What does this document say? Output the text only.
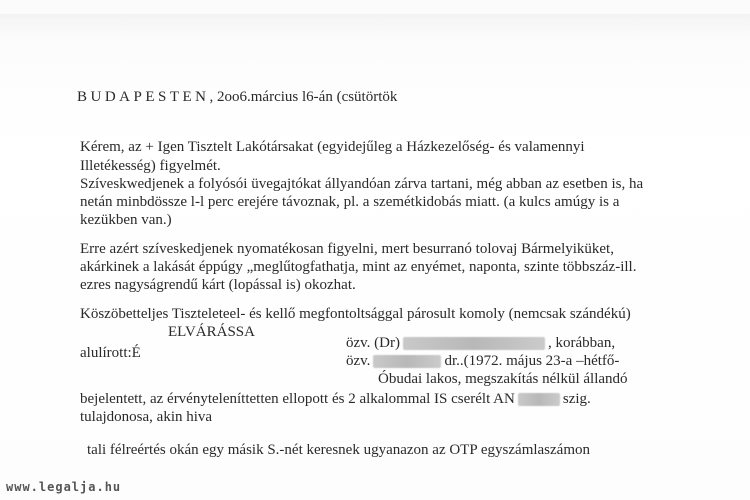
BUDAPESTEN, 2oo6.március l6-án (csütörtök
Kérem, az + Igen Tisztelt Lakótársakat (egyidejűleg a Házkezelőség- és valamennyi
Illetékesség) figyelmét.
Szíveskwedjenek a folyósói üvegajtókat állyandóan zárva tartani, még abban az esetben is, ha
netán minbdössze l-l perc erejére távoznak, pl. a szemétkidobás miatt. (a kulcs amúgy is a
kezükben van.)
Erre azért szíveskedjenek nyomatékosan figyelni, mert besurranó tolovaj Bármelyiküket,
akárkinek a lakását éppúgy „meglűtogfathatja, mint az enyémet, naponta, szinte többszáz-ill.
ezres nagyságrendű kárt (lopással is) okozhat.
Köszöbetteljes Tiszteleteel- és kellő megfontoltsággal párosult komoly (nemcsak szándékú)
ELVÁRÁSSA
alulírott:É
özv. (Dr)	, korábban,
özv.	dr..(1972. május 23-a –hétfő-
Óbudai lakos, megszakítás nélkül állandó
bejelentett, az érvényteleníttetten ellopott és 2 alkalommal IS cserélt AN	szig.
tulajdonosa, akin hiva
tali félreértés okán egy másik S.-nét keresnek ugyanazon az OTP egyszámlaszámon
www.legalja.hu
